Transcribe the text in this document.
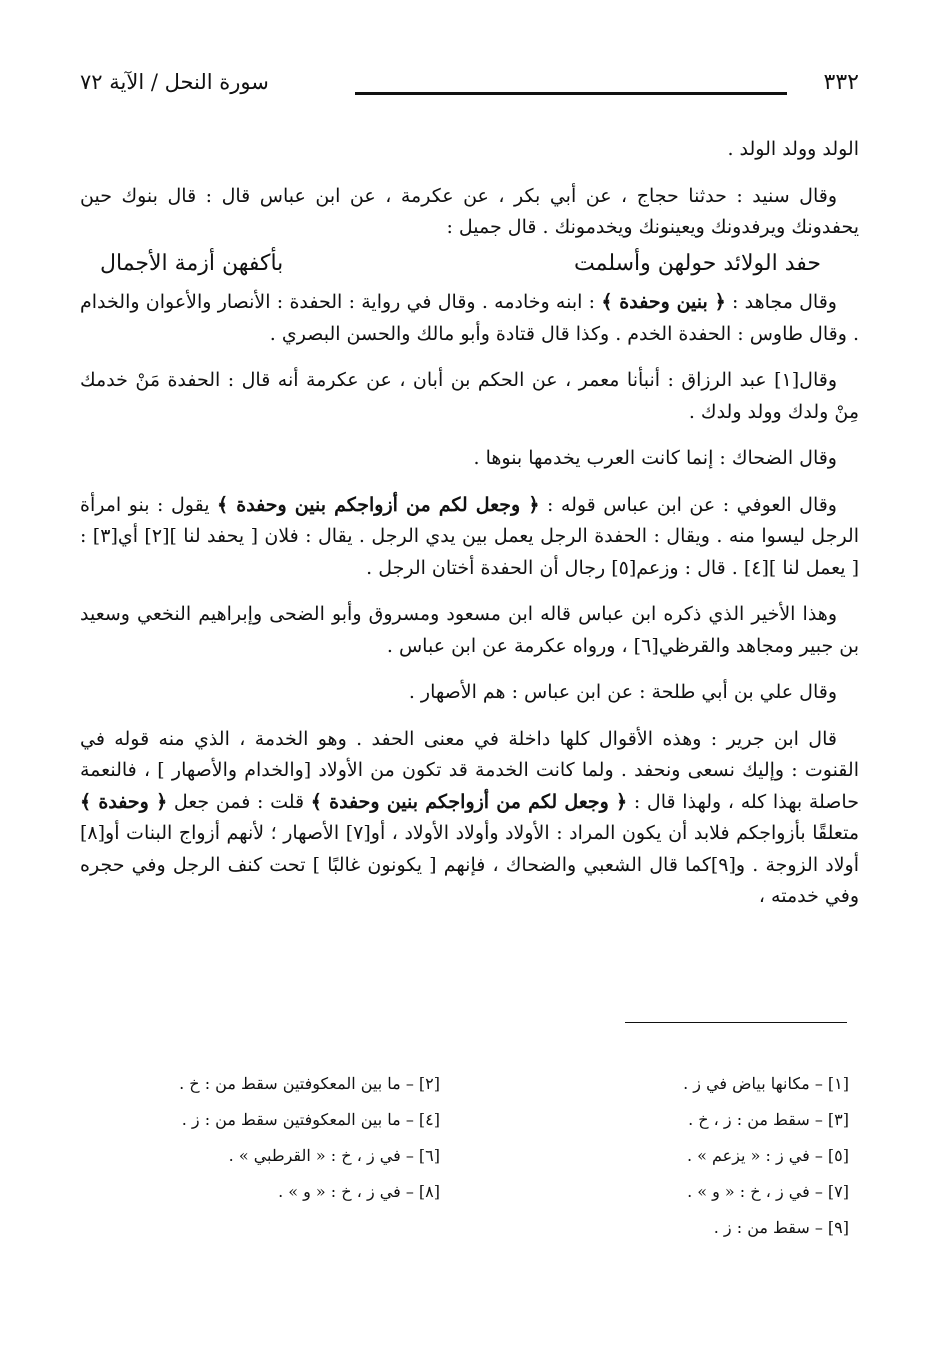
٣٣٢
سورة النحل / الآية ٧٢

الولد وولد الولد .

وقال سنيد : حدثنا حجاج ، عن أبي بكر ، عن عكرمة ، عن ابن عباس قال : قال بنوك حين يحفدونك ويرفدونك ويعينونك ويخدمونك . قال جميل :

حفد الولائد حولهن وأسلمت
بأكفهن أزمة الأجمال

وقال مجاهد : ﴿ بنين وحفدة ﴾ : ابنه وخادمه . وقال في رواية : الحفدة : الأنصار والأعوان والخدام . وقال طاوس : الحفدة الخدم . وكذا قال قتادة وأبو مالك والحسن البصري .

وقال[١] عبد الرزاق : أنبأنا معمر ، عن الحكم بن أبان ، عن عكرمة أنه قال : الحفدة مَنْ خدمك مِنْ ولدك وولد ولدك .

وقال الضحاك : إنما كانت العرب يخدمها بنوها .

وقال العوفي : عن ابن عباس قوله : ﴿ وجعل لكم من أزواجكم بنين وحفدة ﴾ يقول : بنو امرأة الرجل ليسوا منه . ويقال : الحفدة الرجل يعمل بين يدي الرجل . يقال : فلان [ يحفد لنا ][٢] أي[٣] : [ يعمل لنا ][٤] . قال : وزعم[٥] رجال أن الحفدة أختان الرجل .

وهذا الأخير الذي ذكره ابن عباس قاله ابن مسعود ومسروق وأبو الضحى وإبراهيم النخعي وسعيد بن جبير ومجاهد والقرظي[٦] ، ورواه عكرمة عن ابن عباس .

وقال علي بن أبي طلحة : عن ابن عباس : هم الأصهار .

قال ابن جرير : وهذه الأقوال كلها داخلة في معنى الحفد . وهو الخدمة ، الذي منه قوله في القنوت : وإليك نسعى ونحفد . ولما كانت الخدمة قد تكون من الأولاد [والخدام والأصهار ] ، فالنعمة حاصلة بهذا كله ، ولهذا قال : ﴿ وجعل لكم من أزواجكم بنين وحفدة ﴾ قلت : فمن جعل ﴿ وحفدة ﴾ متعلقًا بأزواجكم فلابد أن يكون المراد : الأولاد وأولاد الأولاد ، أو[٧] الأصهار ؛ لأنهم أزواج البنات أو[٨] أولاد الزوجة . و[٩]كما قال الشعبي والضحاك ، فإنهم [ يكونون غالبًا ] تحت كنف الرجل وفي حجره وفي خدمته ،

[١] – مكانها بياض في ز .
[٣] – سقط من : ز ، خ .
[٥] – في ز : « يزعم » .
[٧] – في ز ، خ : « و » .
[٩] – سقط من : ز .
[٢] – ما بين المعكوفتين سقط من : خ .
[٤] – ما بين المعكوفتين سقط من : ز .
[٦] – في ز ، خ : « القرطبي » .
[٨] – في ز ، خ : « و » .
